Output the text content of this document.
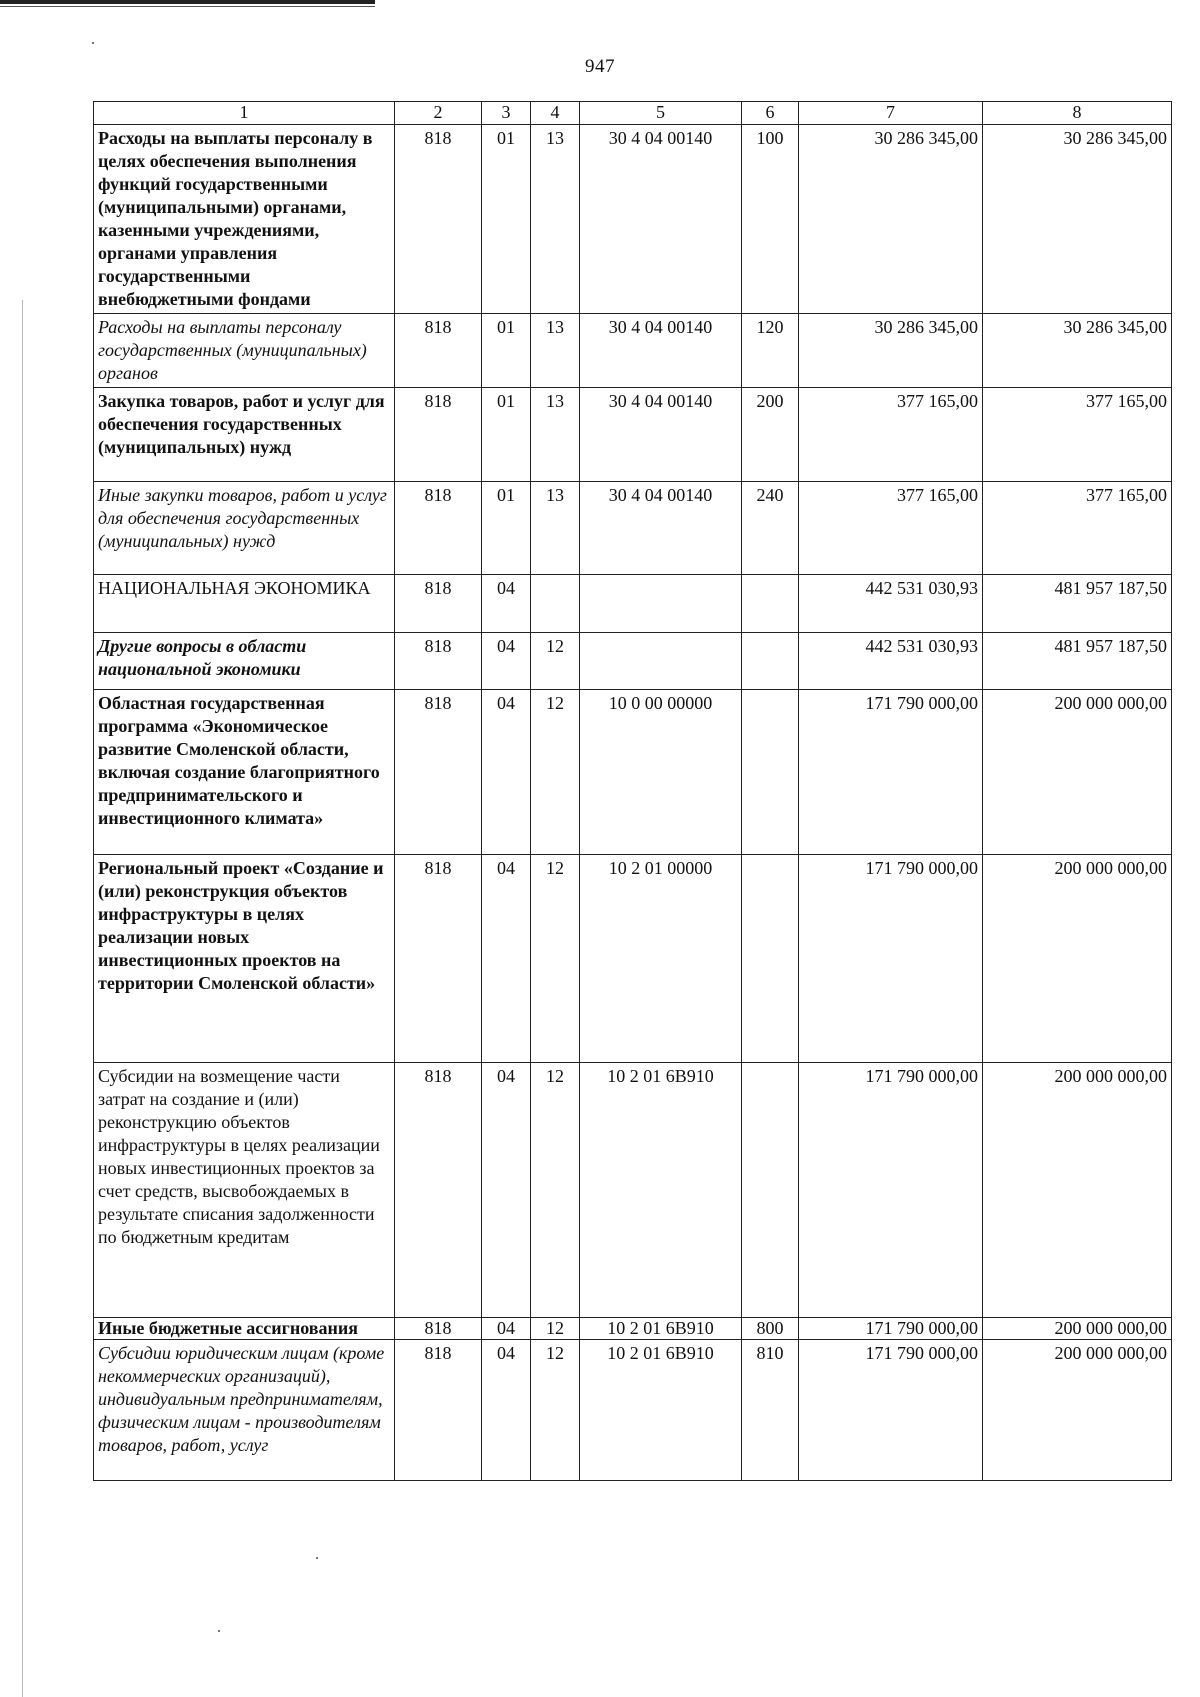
947
1	2	3	4	5	6	7	8
Расходы на выплаты персоналу в целях обеспечения выполнения функций государственными (муниципальными) органами, казенными учреждениями, органами управления государственными внебюджетными фондами	818	01	13	30 4 04 00140	100	30 286 345,00	30 286 345,00
Расходы на выплаты персоналу государственных (муниципальных) органов	818	01	13	30 4 04 00140	120	30 286 345,00	30 286 345,00
Закупка товаров, работ и услуг для обеспечения государственных (муниципальных) нужд	818	01	13	30 4 04 00140	200	377 165,00	377 165,00
Иные закупки товаров, работ и услуг для обеспечения государственных (муниципальных) нужд	818	01	13	30 4 04 00140	240	377 165,00	377 165,00
НАЦИОНАЛЬНАЯ ЭКОНОМИКА	818	04				442 531 030,93	481 957 187,50
Другие вопросы в области национальной экономики	818	04	12			442 531 030,93	481 957 187,50
Областная государственная программа «Экономическое развитие Смоленской области, включая создание благоприятного предпринимательского и инвестиционного климата»	818	04	12	10 0 00 00000		171 790 000,00	200 000 000,00
Региональный проект «Создание и (или) реконструкция объектов инфраструктуры в целях реализации новых инвестиционных проектов на территории Смоленской области»	818	04	12	10 2 01 00000		171 790 000,00	200 000 000,00
Субсидии на возмещение части затрат на создание и (или) реконструкцию объектов инфраструктуры в целях реализации новых инвестиционных проектов за счет средств, высвобождаемых в результате списания задолженности по бюджетным кредитам	818	04	12	10 2 01 6В910		171 790 000,00	200 000 000,00
Иные бюджетные ассигнования	818	04	12	10 2 01 6В910	800	171 790 000,00	200 000 000,00
Субсидии юридическим лицам (кроме некоммерческих организаций), индивидуальным предпринимателям, физическим лицам - производителям товаров, работ, услуг	818	04	12	10 2 01 6В910	810	171 790 000,00	200 000 000,00
